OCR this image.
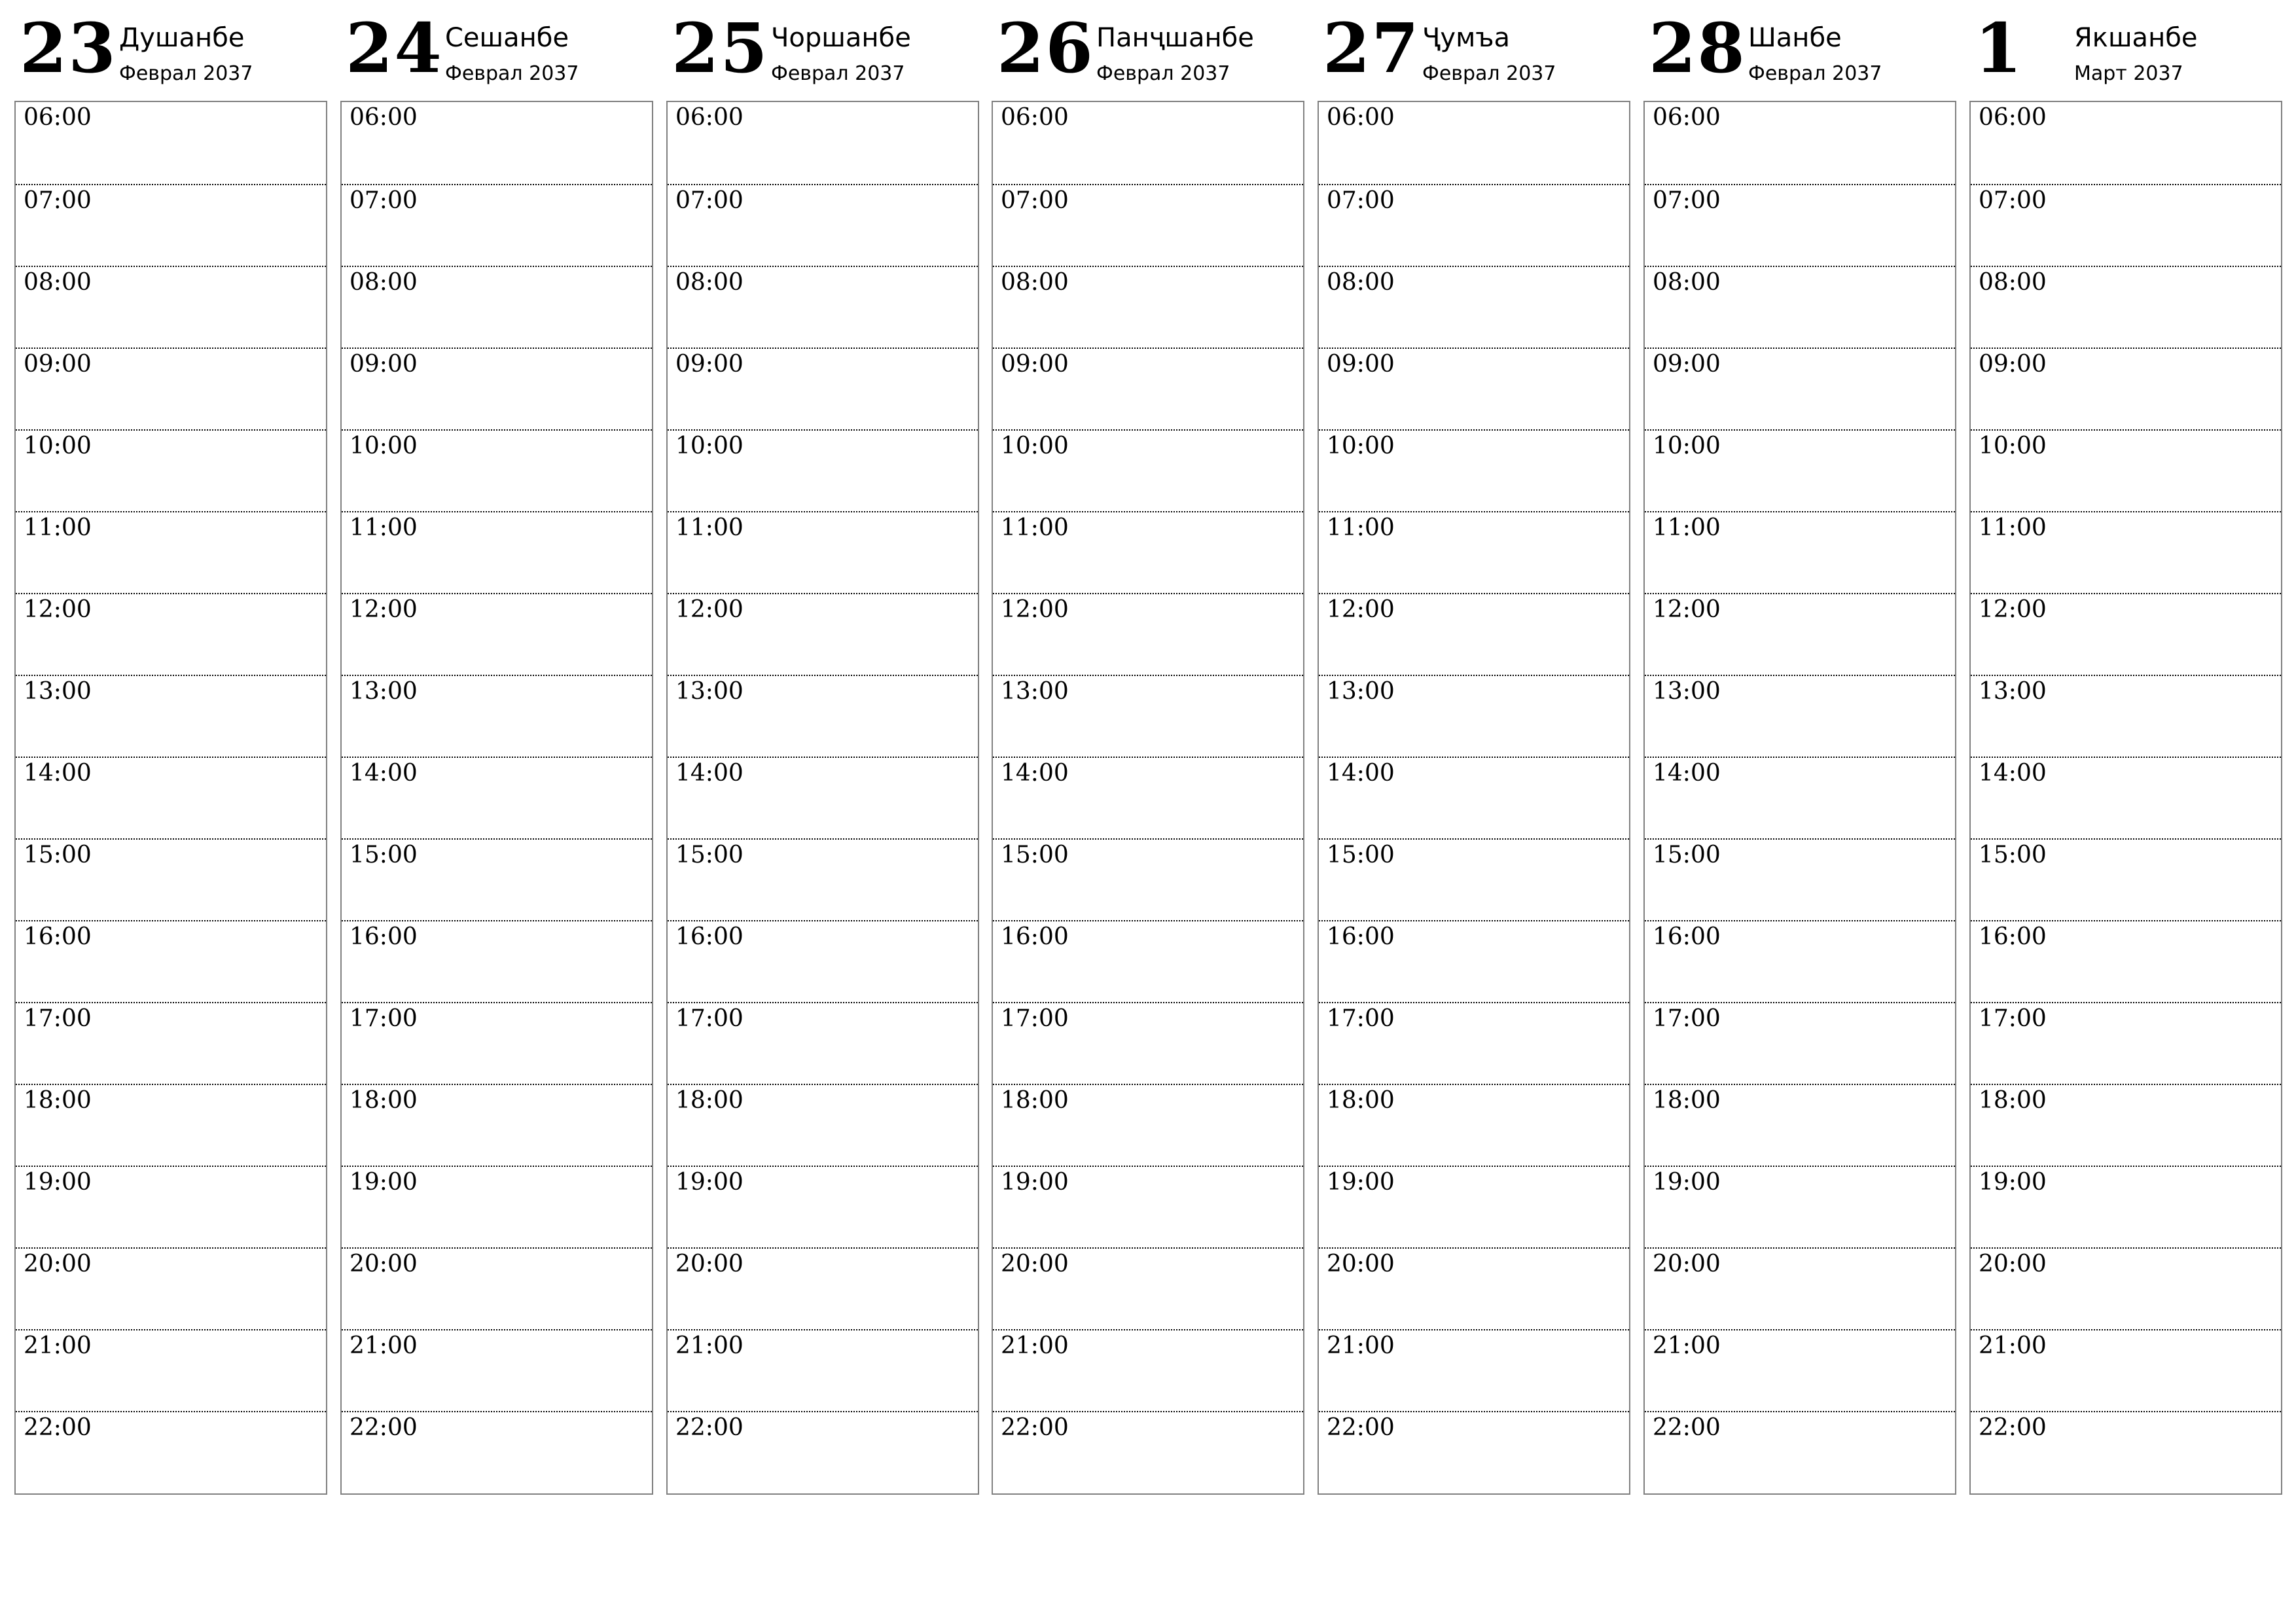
23 Душанбе
Феврал 2037
06:00
07:00
08:00
09:00
10:00
11:00
12:00
13:00
14:00
15:00
16:00
17:00
18:00
19:00
20:00
21:00
22:00
24 Сешанбе
Феврал 2037
06:00
07:00
08:00
09:00
10:00
11:00
12:00
13:00
14:00
15:00
16:00
17:00
18:00
19:00
20:00
21:00
22:00
25 Чоршанбе
Феврал 2037
06:00
07:00
08:00
09:00
10:00
11:00
12:00
13:00
14:00
15:00
16:00
17:00
18:00
19:00
20:00
21:00
22:00
26 Панҷшанбе
Феврал 2037
06:00
07:00
08:00
09:00
10:00
11:00
12:00
13:00
14:00
15:00
16:00
17:00
18:00
19:00
20:00
21:00
22:00
27 Ҷумъа
Феврал 2037
06:00
07:00
08:00
09:00
10:00
11:00
12:00
13:00
14:00
15:00
16:00
17:00
18:00
19:00
20:00
21:00
22:00
28 Шанбе
Феврал 2037
06:00
07:00
08:00
09:00
10:00
11:00
12:00
13:00
14:00
15:00
16:00
17:00
18:00
19:00
20:00
21:00
22:00
1 Якшанбе
Март 2037
06:00
07:00
08:00
09:00
10:00
11:00
12:00
13:00
14:00
15:00
16:00
17:00
18:00
19:00
20:00
21:00
22:00
